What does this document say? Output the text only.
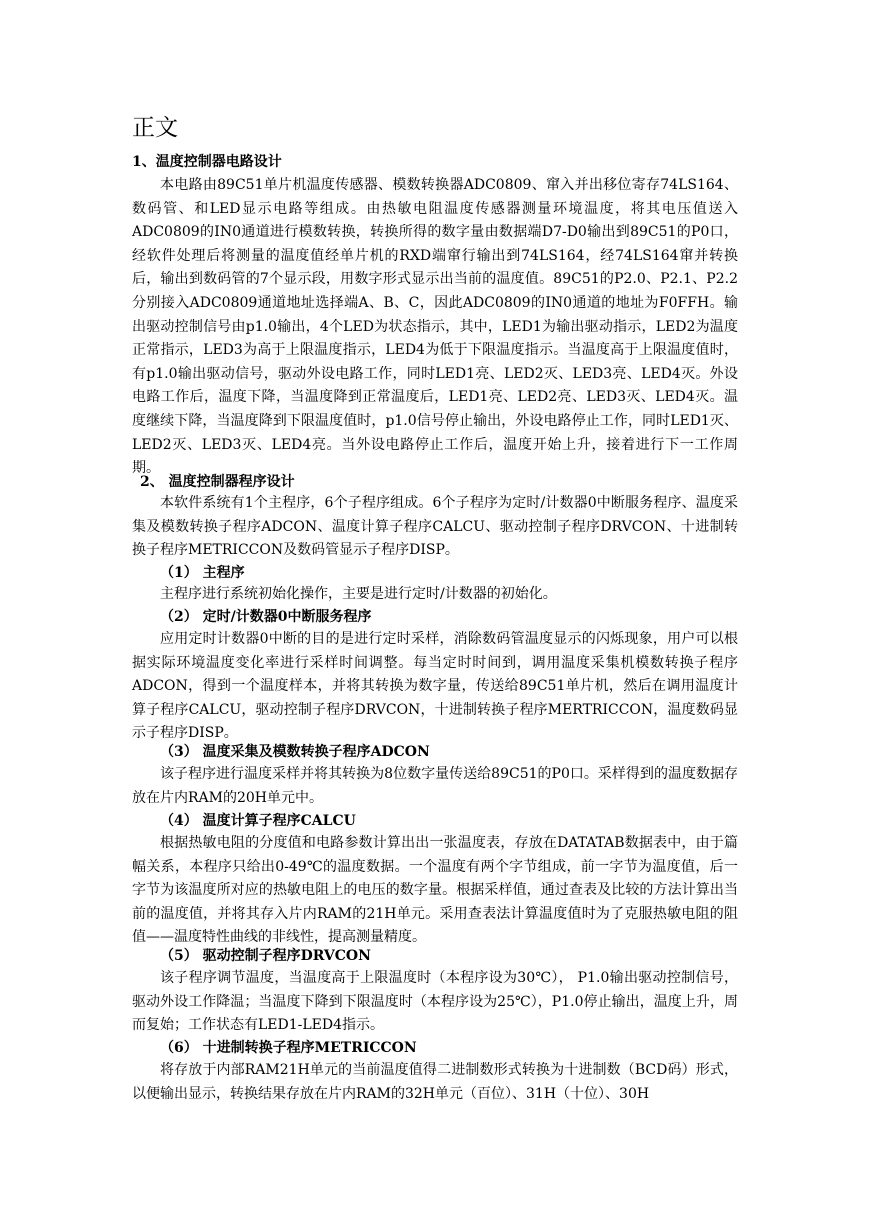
正文
1、温度控制器电路设计

本电路由89C51单片机温度传感器、模数转换器ADC0809、窜入并出移位寄存74LS164、数码管、和LED显示电路等组成。由热敏电阻温度传感器测量环境温度，将其电压值送入ADC0809的IN0通道进行模数转换，转换所得的数字量由数据端D7-D0输出到89C51的P0口，经软件处理后将测量的温度值经单片机的RXD端窜行输出到74LS164，经74LS164窜并转换后，输出到数码管的7个显示段，用数字形式显示出当前的温度值。89C51的P2.0、P2.1、P2.2分别接入ADC0809通道地址选择端A、B、C，因此ADC0809的IN0通道的地址为F0FFH。输出驱动控制信号由p1.0输出，4个LED为状态指示，其中，LED1为输出驱动指示，LED2为温度正常指示，LED3为高于上限温度指示，LED4为低于下限温度指示。当温度高于上限温度值时，有p1.0输出驱动信号，驱动外设电路工作，同时LED1亮、LED2灭、LED3亮、LED4灭。外设电路工作后，温度下降，当温度降到正常温度后，LED1亮、LED2亮、LED3灭、LED4灭。温度继续下降，当温度降到下限温度值时，p1.0信号停止输出，外设电路停止工作，同时LED1灭、LED2灭、LED3灭、LED4亮。当外设电路停止工作后，温度开始上升，接着进行下一工作周期。

2、 温度控制器程序设计

本软件系统有1个主程序，6个子程序组成。6个子程序为定时/计数器0中断服务程序、温度采集及模数转换子程序ADCON、温度计算子程序CALCU、驱动控制子程序DRVCON、十进制转换子程序METRICCON及数码管显示子程序DISP。

（1） 主程序

主程序进行系统初始化操作，主要是进行定时/计数器的初始化。

（2） 定时/计数器0中断服务程序

应用定时计数器0中断的目的是进行定时采样，消除数码管温度显示的闪烁现象，用户可以根据实际环境温度变化率进行采样时间调整。每当定时时间到，调用温度采集机模数转换子程序ADCON，得到一个温度样本，并将其转换为数字量，传送给89C51单片机，然后在调用温度计算子程序CALCU，驱动控制子程序DRVCON，十进制转换子程序MERTRICCON，温度数码显示子程序DISP。

（3） 温度采集及模数转换子程序ADCON

该子程序进行温度采样并将其转换为8位数字量传送给89C51的P0口。采样得到的温度数据存放在片内RAM的20H单元中。

（4） 温度计算子程序CALCU

根据热敏电阻的分度值和电路参数计算出出一张温度表，存放在DATATAB数据表中，由于篇幅关系，本程序只给出0-49℃的温度数据。一个温度有两个字节组成，前一字节为温度值，后一字节为该温度所对应的热敏电阻上的电压的数字量。根据采样值，通过查表及比较的方法计算出当前的温度值，并将其存入片内RAM的21H单元。采用查表法计算温度值时为了克服热敏电阻的阻值——温度特性曲线的非线性，提高测量精度。

（5） 驱动控制子程序DRVCON

该子程序调节温度，当温度高于上限温度时（本程序设为30℃）， P1.0输出驱动控制信号，驱动外设工作降温；当温度下降到下限温度时（本程序设为25℃），P1.0停止输出，温度上升，周而复始；工作状态有LED1-LED4指示。

（6） 十进制转换子程序METRICCON

将存放于内部RAM21H单元的当前温度值得二进制数形式转换为十进制数（BCD码）形式，以便输出显示，转换结果存放在片内RAM的32H单元（百位）、31H（十位）、30H
